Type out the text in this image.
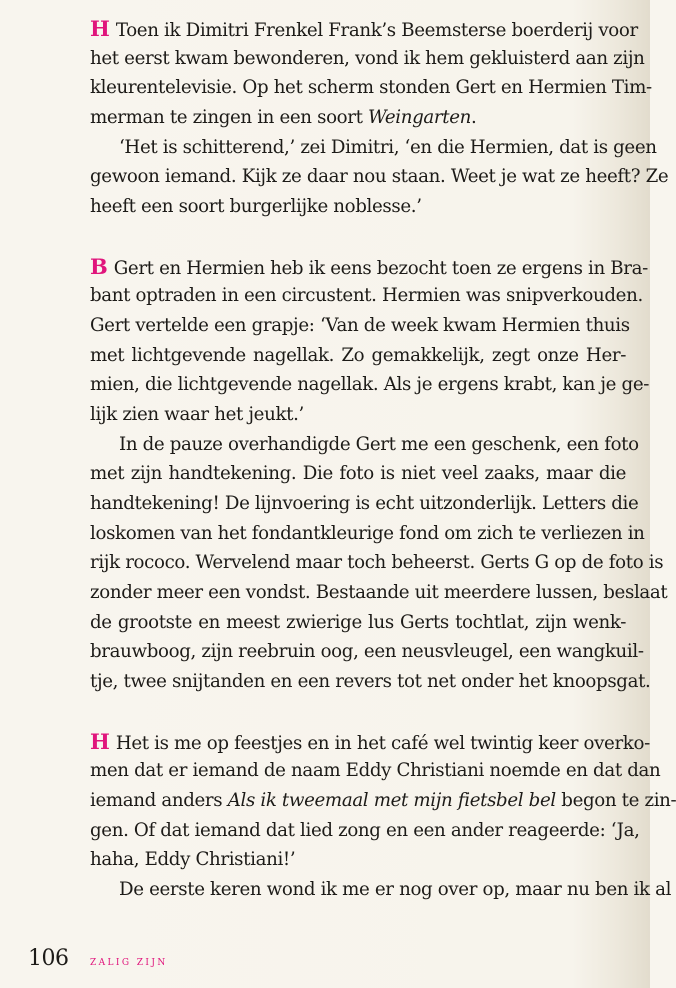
H Toen ik Dimitri Frenkel Frank’s Beemsterse boerderij voor
het eerst kwam bewonderen, vond ik hem gekluisterd aan zijn
kleurentelevisie. Op het scherm stonden Gert en Hermien Tim-
merman te zingen in een soort Weingarten.
‘Het is schitterend,’ zei Dimitri, ‘en die Hermien, dat is geen
gewoon iemand. Kijk ze daar nou staan. Weet je wat ze heeft? Ze
heeft een soort burgerlijke noblesse.’
B Gert en Hermien heb ik eens bezocht toen ze ergens in Bra-
bant optraden in een circustent. Hermien was snipverkouden.
Gert vertelde een grapje: ‘Van de week kwam Hermien thuis
met lichtgevende nagellak. Zo gemakkelijk, zegt onze Her-
mien, die lichtgevende nagellak. Als je ergens krabt, kan je ge-
lijk zien waar het jeukt.’
In de pauze overhandigde Gert me een geschenk, een foto
met zijn handtekening. Die foto is niet veel zaaks, maar die
handtekening! De lijnvoering is echt uitzonderlijk. Letters die
loskomen van het fondantkleurige fond om zich te verliezen in
rijk rococo. Wervelend maar toch beheerst. Gerts G op de foto is
zonder meer een vondst. Bestaande uit meerdere lussen, beslaat
de grootste en meest zwierige lus Gerts tochtlat, zijn wenk-
brauwboog, zijn reebruin oog, een neusvleugel, een wangkuil-
tje, twee snijtanden en een revers tot net onder het knoopsgat.
H Het is me op feestjes en in het café wel twintig keer overko-
men dat er iemand de naam Eddy Christiani noemde en dat dan
iemand anders Als ik tweemaal met mijn fietsbel bel begon te zin-
gen. Of dat iemand dat lied zong en een ander reageerde: ‘Ja,
haha, Eddy Christiani!’
De eerste keren wond ik me er nog over op, maar nu ben ik al
106	ZALIG ZIJN
